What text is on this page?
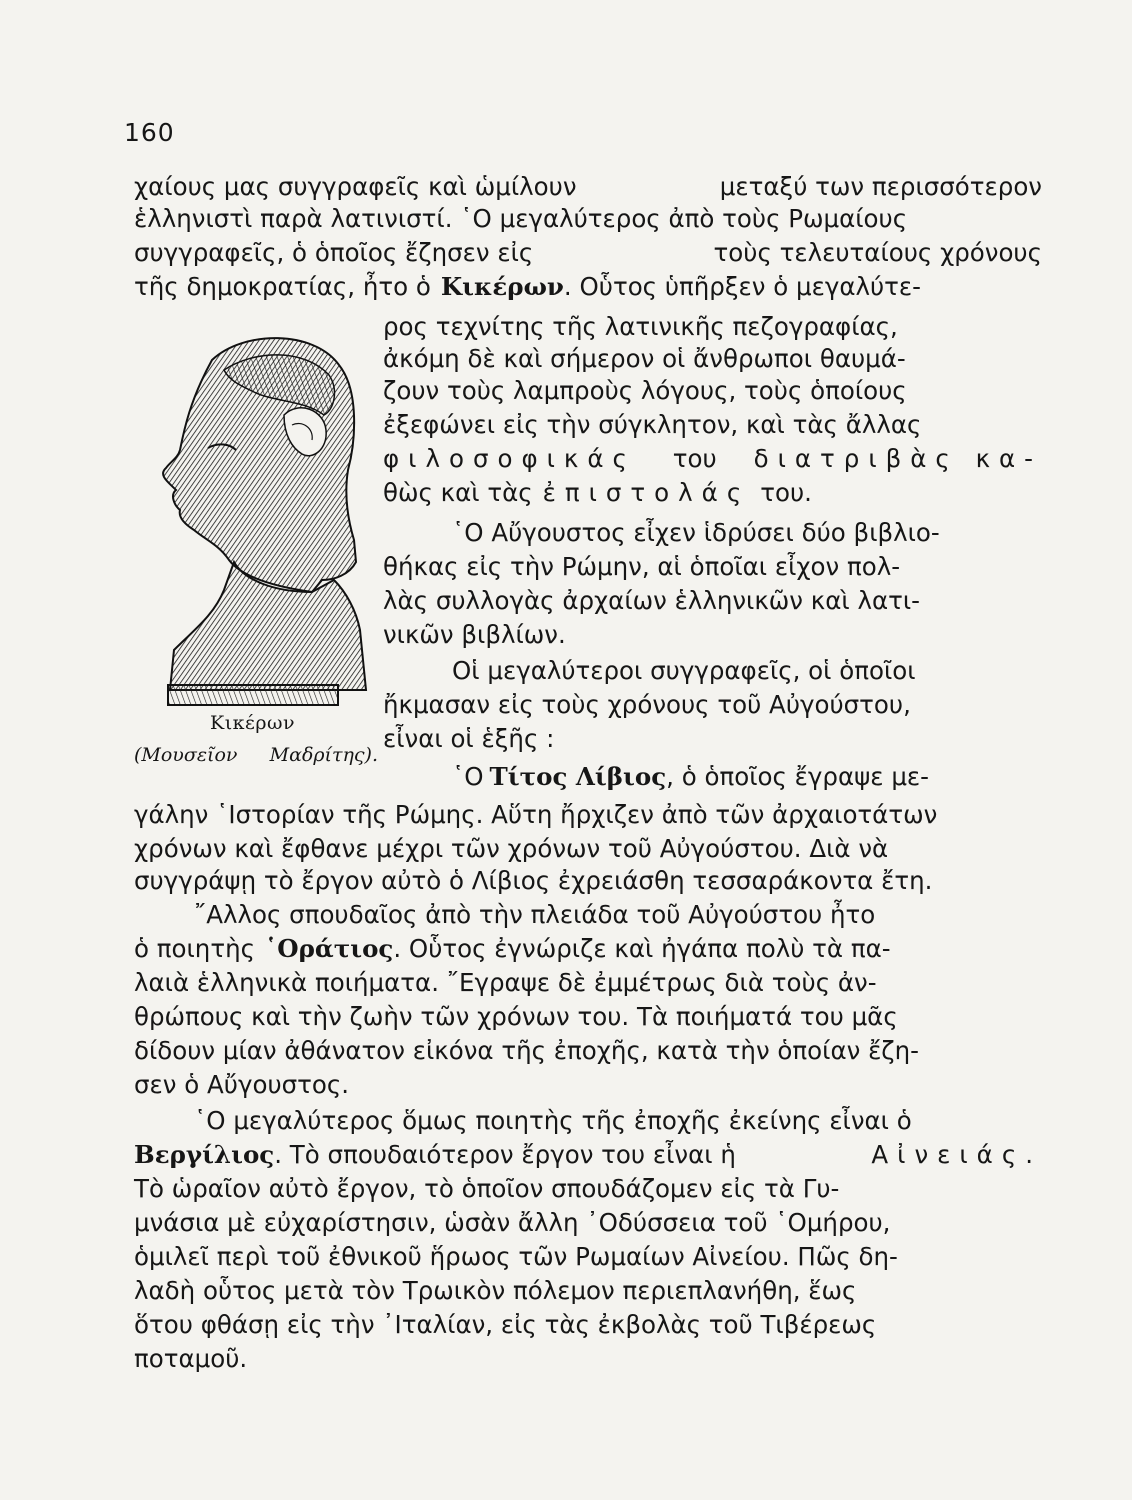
160
χαίους μας συγγραφεῖς καὶ ὡμίλουν	μεταξύ των περισσότερον
ἑλληνιστὶ παρὰ λατινιστί. ῾Ο μεγαλύτερος ἀπὸ τοὺς Ρωμαίους
συγγραφεῖς, ὁ ὁποῖος ἔζησεν εἰς	τοὺς τελευταίους χρόνους
τῆς δημοκρατίας, ἦτο ὁ Κικέρων . Οὗτος ὑπῆρξεν ὁ μεγαλύτε-
ρος τεχνίτης τῆς λατινικῆς πεζογραφίας,
ἀκόμη δὲ καὶ σήμερον οἱ ἄνθρωποι θαυμά-
ζουν τοὺς λαμπροὺς λόγους, τοὺς ὁποίους
ἐξεφώνει εἰς τὴν σύγκλητον, καὶ τὰς ἄλλας
φιλοσοφικάς του διατριβὰς κα-
θὼς καὶ τὰς ἐπιστολάς του.
῾Ο Αὔγουστος εἶχεν ἱδρύσει δύο βιβλιο-
θήκας εἰς τὴν Ρώμην, αἱ ὁποῖαι εἶχον πολ-
λὰς συλλογὰς ἀρχαίων ἑλληνικῶν καὶ λατι-
νικῶν βιβλίων.
Οἱ μεγαλύτεροι συγγραφεῖς, οἱ ὁποῖοι
ἤκμασαν εἰς τοὺς χρόνους τοῦ Αὐγούστου,
εἶναι οἱ ἑξῆς :
῾Ο Τίτος Λίβιος , ὁ ὁποῖος ἔγραψε με-
γάλην ῾Ιστορίαν τῆς Ρώμης. Αὕτη ἤρχιζεν ἀπὸ τῶν ἀρχαιοτάτων
χρόνων καὶ ἔφθανε μέχρι τῶν χρόνων τοῦ Αὐγούστου. Διὰ νὰ
συγγράψῃ τὸ ἔργον αὐτὸ ὁ Λίβιος ἐχρειάσθη τεσσαράκοντα ἔτη.
῎Αλλος σπουδαῖος ἀπὸ τὴν πλειάδα τοῦ Αὐγούστου ἦτο
ὁ ποιητὴς ῾Οράτιος . Οὗτος ἐγνώριζε καὶ ἠγάπα πολὺ τὰ πα-
λαιὰ ἑλληνικὰ ποιήματα. ῎Εγραψε δὲ ἐμμέτρως διὰ τοὺς ἀν-
θρώπους καὶ τὴν ζωὴν τῶν χρόνων του. Τὰ ποιήματά του μᾶς
δίδουν μίαν ἀθάνατον εἰκόνα τῆς ἐποχῆς, κατὰ τὴν ὁποίαν ἔζη-
σεν ὁ Αὔγουστος.
῾Ο μεγαλύτερος ὅμως ποιητὴς τῆς ἐποχῆς ἐκείνης εἶναι ὁ
Βεργίλιος. Τὸ σπουδαιότερον ἔργον του εἶναι ἡ	Αἰνειάς.
Τὸ ὡραῖον αὐτὸ ἔργον, τὸ ὁποῖον σπουδάζομεν εἰς τὰ Γυ-
μνάσια μὲ εὐχαρίστησιν, ὡσὰν ἄλλη ᾿Οδύσσεια τοῦ ῾Ομήρου,
ὁμιλεῖ περὶ τοῦ ἐθνικοῦ ἥρωος τῶν Ρωμαίων Αἰνείου. Πῶς δη-
λαδὴ οὗτος μετὰ τὸν Τρωικὸν πόλεμον περιεπλανήθη, ἕως
ὅτου φθάσῃ εἰς τὴν ᾿Ιταλίαν, εἰς τὰς ἐκβολὰς τοῦ Τιβέρεως
ποταμοῦ.
Κικέρων
(Μουσεῖον Μαδρίτης).
